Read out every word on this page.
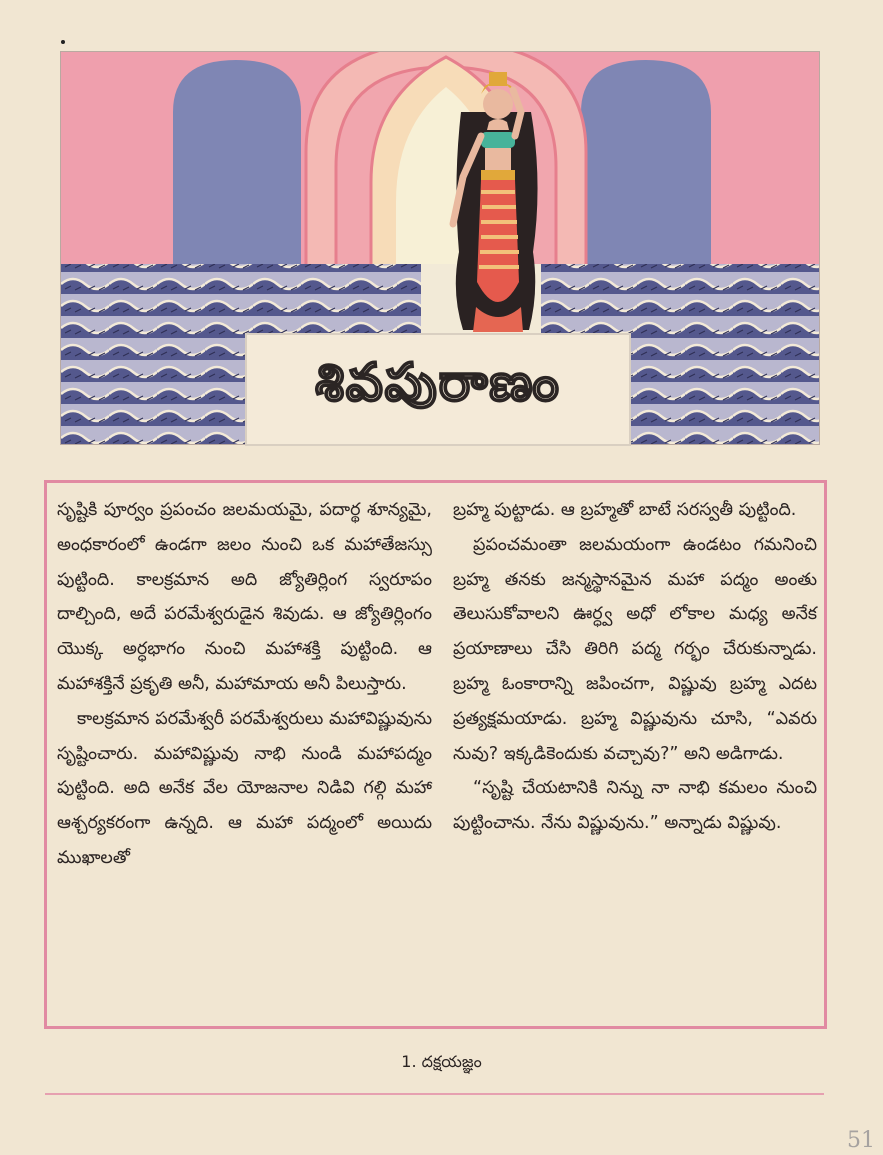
శివపురాణం

సృష్టికి పూర్వం ప్రపంచం జలమయమై, పదార్థ శూన్యమై, అంధకారంలో ఉండగా జలం నుంచి ఒక మహాతేజస్సు పుట్టింది. కాలక్రమాన అది జ్యోతిర్లింగ స్వరూపం దాల్చింది, అదే పరమేశ్వరుడైన శివుడు. ఆ జ్యోతిర్లింగం యొక్క అర్ధభాగం నుంచి మహాశక్తి పుట్టింది. ఆ మహాశక్తినే ప్రకృతి అనీ, మహామాయ అనీ పిలుస్తారు.

కాలక్రమాన పరమేశ్వరీ పరమేశ్వరులు మహావిష్ణువును సృష్టించారు. మహావిష్ణువు నాభి నుండి మహాపద్మం పుట్టింది. అది అనేక వేల యోజనాల నిడివి గల్గి మహా ఆశ్చర్యకరంగా ఉన్నది. ఆ మహా పద్మంలో అయిదు ముఖాలతో

బ్రహ్మ పుట్టాడు. ఆ బ్రహ్మతో బాటే సరస్వతీ పుట్టింది.

ప్రపంచమంతా జలమయంగా ఉండటం గమనించి బ్రహ్మ తనకు జన్మస్థానమైన మహా పద్మం అంతు తెలుసుకోవాలని ఊర్ధ్వ అధో లోకాల మధ్య అనేక ప్రయాణాలు చేసి తిరిగి పద్మ గర్భం చేరుకున్నాడు. బ్రహ్మ ఓంకారాన్ని జపించగా, విష్ణువు బ్రహ్మ ఎదట ప్రత్యక్షమయాడు. బ్రహ్మ విష్ణువును చూసి, “ఎవరు నువు? ఇక్కడికెందుకు వచ్చావు?” అని అడిగాడు.

“సృష్టి చేయటానికి నిన్ను నా నాభి కమలం నుంచి పుట్టించాను. నేను విష్ణువును.” అన్నాడు విష్ణువు.

1. దక్షయజ్ఞం
51
